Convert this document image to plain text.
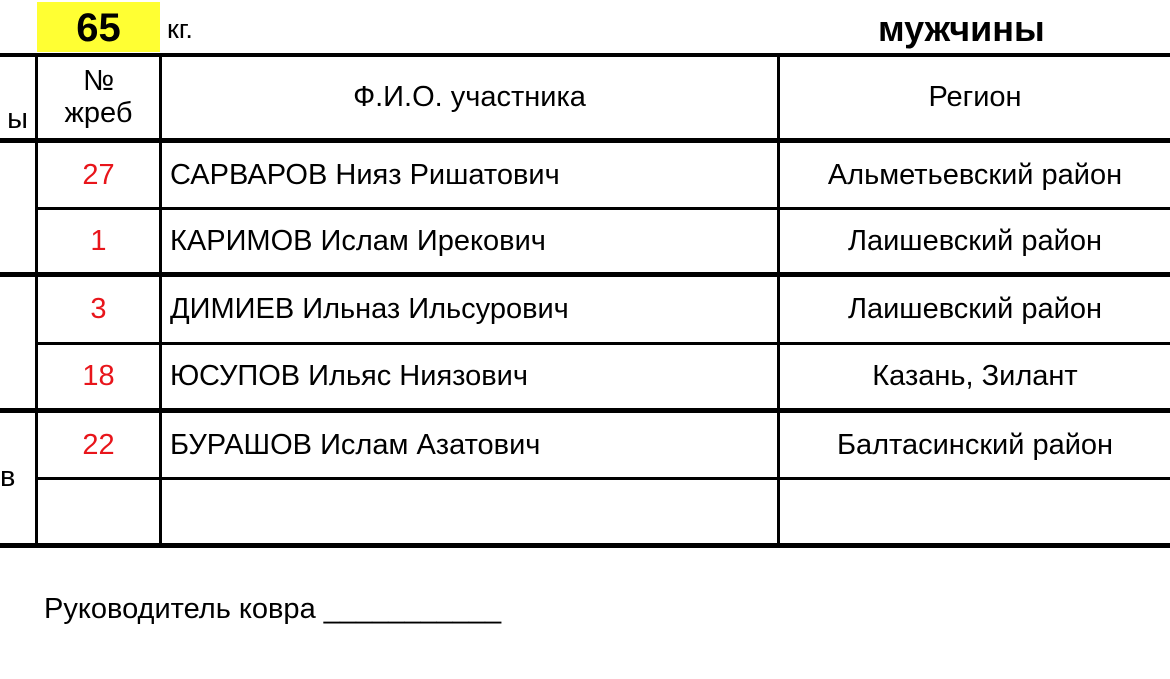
65	кг.	мужчины
ы
№
жреб	Ф.И.О. участника	Регион
27	САРВАРОВ Нияз Ришатович	Альметьевский район
1	КАРИМОВ Ислам Ирекович	Лаишевский район
3	ДИМИЕВ Ильназ Ильсурович	Лаишевский район
18	ЮСУПОВ Ильяс Ниязович	Казань, Зилант
22	БУРАШОВ Ислам Азатович	Балтасинский район
в
Руководитель ковра ___________
